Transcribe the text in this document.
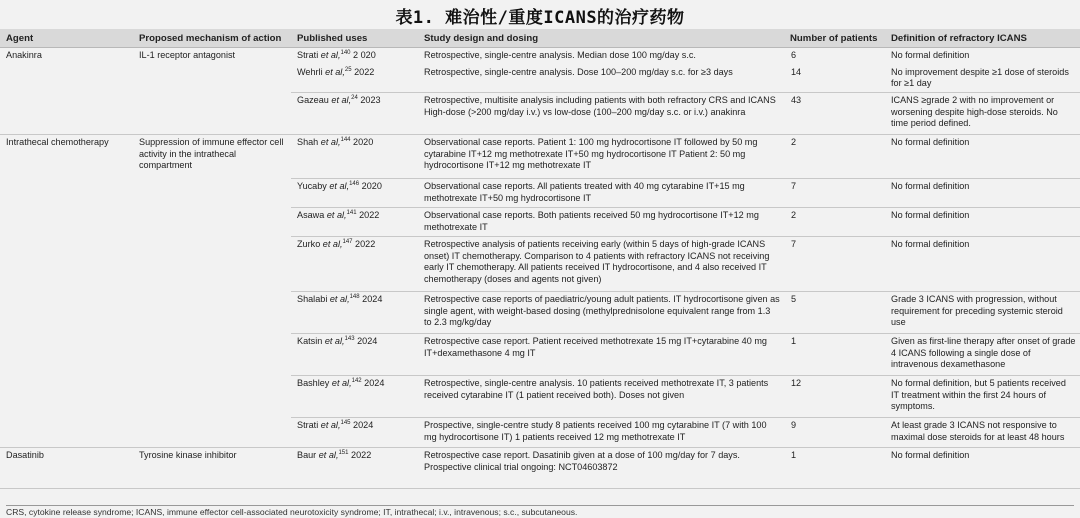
表1. 难治性/重度ICANS的治疗药物
Agent	Proposed mechanism of action	Published uses	Study design and dosing	Number of patients	Definition of refractory ICANS
Anakinra	IL-1 receptor antagonist	Strati et al,$^{140}$ 2 020	Retrospective, single-centre analysis. Median dose 100 mg/day s.c.	6	No formal definition
		Wehrli et al,$^{25}$ 2022	Retrospective, single-centre analysis. Dose 100–200 mg/day s.c. for ≥3 days	14	No improvement despite ≥1 dose of steroids for ≥1 day
		Gazeau et al,$^{24}$ 2023	Retrospective, multisite analysis including patients with both refractory CRS and ICANS High-dose (>200 mg/day i.v.) vs low-dose (100–200 mg/day s.c. or i.v.) anakinra	43	ICANS ≥grade 2 with no improvement or worsening despite high-dose steroids. No time period defined.
Intrathecal chemotherapy	Suppression of immune effector cell activity in the intrathecal compartment	Shah et al,$^{144}$ 2020	Observational case reports. Patient 1: 100 mg hydrocortisone IT followed by 50 mg cytarabine IT+12 mg methotrexate IT+50 mg hydrocortisone IT Patient 2: 50 mg hydrocortisone IT+12 mg methotrexate IT	2	No formal definition
		Yucaby et al,$^{146}$ 2020	Observational case reports. All patients treated with 40 mg cytarabine IT+15 mg methotrexate IT+50 mg hydrocortisone IT	7	No formal definition
		Asawa et al,$^{141}$ 2022	Observational case reports. Both patients received 50 mg hydrocortisone IT+12 mg methotrexate IT	2	No formal definition
		Zurko et al,$^{147}$ 2022	Retrospective analysis of patients receiving early (within 5 days of high-grade ICANS onset) IT chemotherapy. Comparison to 4 patients with refractory ICANS not receiving early IT chemotherapy. All patients received IT hydrocortisone, and 4 also received IT chemotherapy (doses and agents not given)	7	No formal definition
		Shalabi et al,$^{148}$ 2024	Retrospective case reports of paediatric/young adult patients. IT hydrocortisone given as single agent, with weight-based dosing (methylprednisolone equivalent range from 1.3 to 2.3 mg/kg/day	5	Grade 3 ICANS with progression, without requirement for preceding systemic steroid use
		Katsin et al,$^{143}$ 2024	Retrospective case report. Patient received methotrexate 15 mg IT+cytarabine 40 mg IT+dexamethasone 4 mg IT	1	Given as first-line therapy after onset of grade 4 ICANS following a single dose of intravenous dexamethasone
		Bashley et al,$^{142}$ 2024	Retrospective, single-centre analysis. 10 patients received methotrexate IT, 3 patients received cytarabine IT (1 patient received both). Doses not given	12	No formal definition, but 5 patients received IT treatment within the first 24 hours of symptoms.
		Strati et al,$^{145}$ 2024	Prospective, single-centre study 8 patients received 100 mg cytarabine IT (7 with 100 mg hydrocortisone IT) 1 patients received 12 mg methotrexate IT	9	At least grade 3 ICANS not responsive to maximal dose steroids for at least 48 hours
Dasatinib	Tyrosine kinase inhibitor	Baur et al,$^{151}$ 2022	Retrospective case report. Dasatinib given at a dose of 100 mg/day for 7 days. Prospective clinical trial ongoing: NCT04603872	1	No formal definition
CRS, cytokine release syndrome; ICANS, immune effector cell-associated neurotoxicity syndrome; IT, intrathecal; i.v., intravenous; s.c., subcutaneous.
